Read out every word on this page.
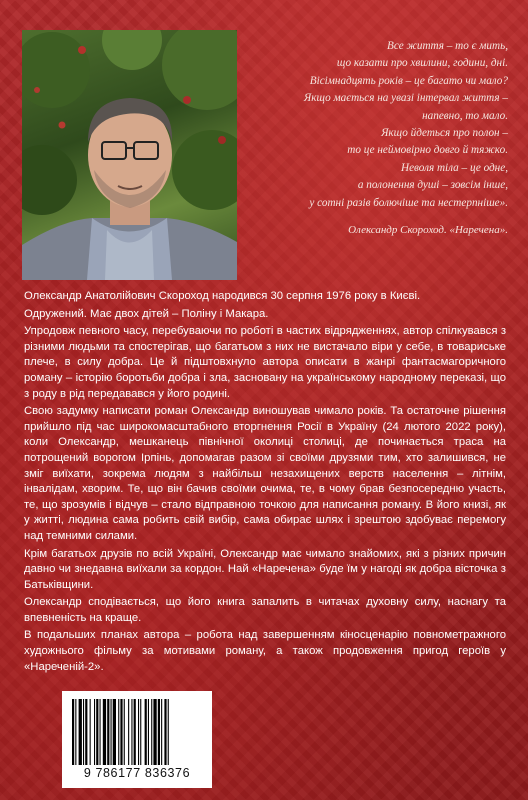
Все життя – то є мить,
що казати про хвилини, години, дні.
Вісімнадцять років – це багато чи мало?
Якщо мається на увазі інтервал життя –
напевно, то мало.
Якщо йдеться про полон –
то це неймовірно довго й тяжко.
Неволя тіла – це одне,
а полонення душі – зовсім інше,
у сотні разів болючіше та нестерпніше».
Олександр Скороход. «Наречена».

Олександр Анатолійович Скороход народився 30 серпня 1976 року в Києві.

Одружений. Має двох дітей – Поліну і Макара.

Упродовж певного часу, перебуваючи по роботі в частих відрядженнях, автор спілкувався з різними людьми та спостерігав, що багатьом з них не вистачало віри у себе, в товариське плече, в силу добра. Це й підштовхнуло автора описати в жанрі фантасмагоричного роману – історію боротьби добра і зла, засновану на українському народному переказі, що з роду в рід передавався у його родині.

Свою задумку написати роман Олександр виношував чимало років. Та остаточне рішення прийшло під час широкомасштабного вторгнення Росії в Україну (24 лютого 2022 року), коли Олександр, мешканець північної околиці столиці, де починається траса на потрощений ворогом Ірпінь, допомагав разом зі своїми друзями тим, хто залишився, не зміг виїхати, зокрема людям з найбільш незахищених верств населення – літнім, інвалідам, хворим. Те, що він бачив своїми очима, те, в чому брав безпосередню участь, те, що зрозумів і відчув – стало відправною точкою для написання роману. В його книзі, як у житті, людина сама робить свій вибір, сама обирає шлях і зрештою здобуває перемогу над темними силами.

Крім багатьох друзів по всій Україні, Олександр має чимало знайомих, які з різних причин давно чи знедавна виїхали за кордон. Най «Наречена» буде їм у нагоді як добра вісточка з Батьківщини.

Олександр сподівається, що його книга запалить в читачах духовну силу, наснагу та впевненість на краще.

В подальших планах автора – робота над завершенням кіносценарію повнометражного художнього фільму за мотивами роману, а також продовження пригод героїв у «Нареченій-2».

9 786177 836376
